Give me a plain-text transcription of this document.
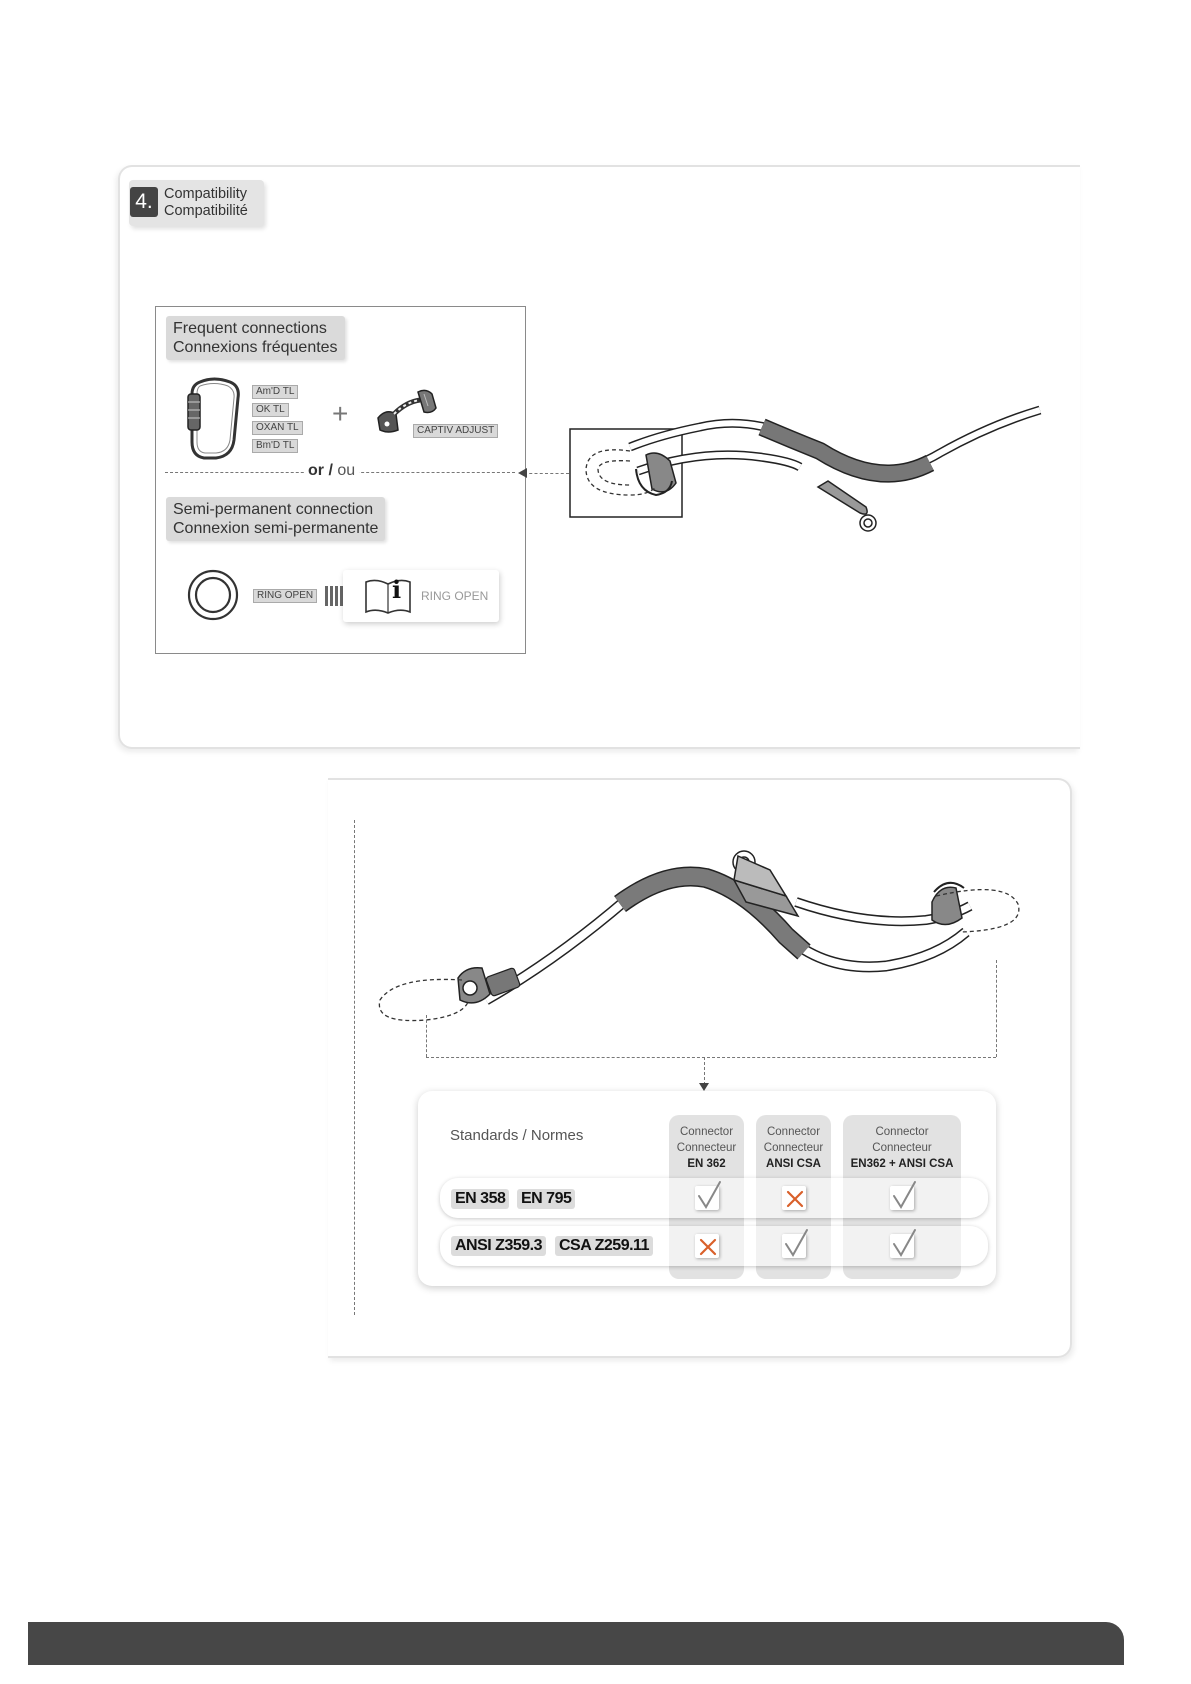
4. Compatibility
Compatibilité
Frequent connections
Connexions fréquentes
Am'D TL
OK TL
OXAN TL
Bm'D TL
+
CAPTIV ADJUST
or / ou
Semi-permanent connection
Connexion semi-permanente
RING OPEN	i RING OPEN
Standards / Normes	Connector
Connecteur
EN 362
Connector
Connecteur
ANSI CSA
Connector
Connecteur
EN362 + ANSI CSA
EN 358 EN 795
ANSI Z359.3 CSA Z259.11
